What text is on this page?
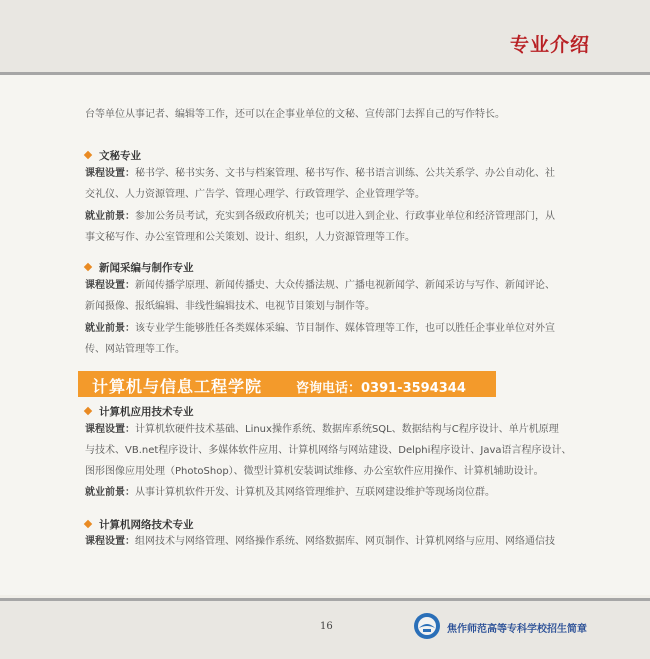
专业介绍
台等单位从事记者、编辑等工作，还可以在企事业单位的文秘、宣传部门去挥自己的写作特长。
文秘专业
课程设置：秘书学、秘书实务、文书与档案管理、秘书写作、秘书语言训练、公共关系学、办公自动化、社
交礼仪、人力资源管理、广告学、管理心理学、行政管理学、企业管理学等。
就业前景：参加公务员考试，充实到各级政府机关；也可以进入到企业、行政事业单位和经济管理部门，从
事文秘写作、办公室管理和公关策划、设计、组织，人力资源管理等工作。
新闻采编与制作专业
课程设置：新闻传播学原理、新闻传播史、大众传播法规、广播电视新闻学、新闻采访与写作、新闻评论、
新闻摄像、报纸编辑、非线性编辑技术、电视节目策划与制作等。
就业前景：该专业学生能够胜任各类媒体采编、节目制作、媒体管理等工作，也可以胜任企事业单位对外宣
传、网站管理等工作。
计算机与信息工程学院	咨询电话：0391-3594344
计算机应用技术专业
课程设置：计算机软硬件技术基础、Linux操作系统、数据库系统SQL、数据结构与C程序设计、单片机原理
与技术、VB.net程序设计、多媒体软件应用、计算机网络与网站建设、Delphi程序设计、Java语言程序设计、
图形图像应用处理（PhotoShop）、微型计算机安装调试维修、办公室软件应用操作、计算机辅助设计。
就业前景：从事计算机软件开发、计算机及其网络管理维护、互联网建设维护等现场岗位群。
计算机网络技术专业
课程设置：组网技术与网络管理、网络操作系统、网络数据库、网页制作、计算机网络与应用、网络通信技
16	焦作师范高等专科学校招生简章
